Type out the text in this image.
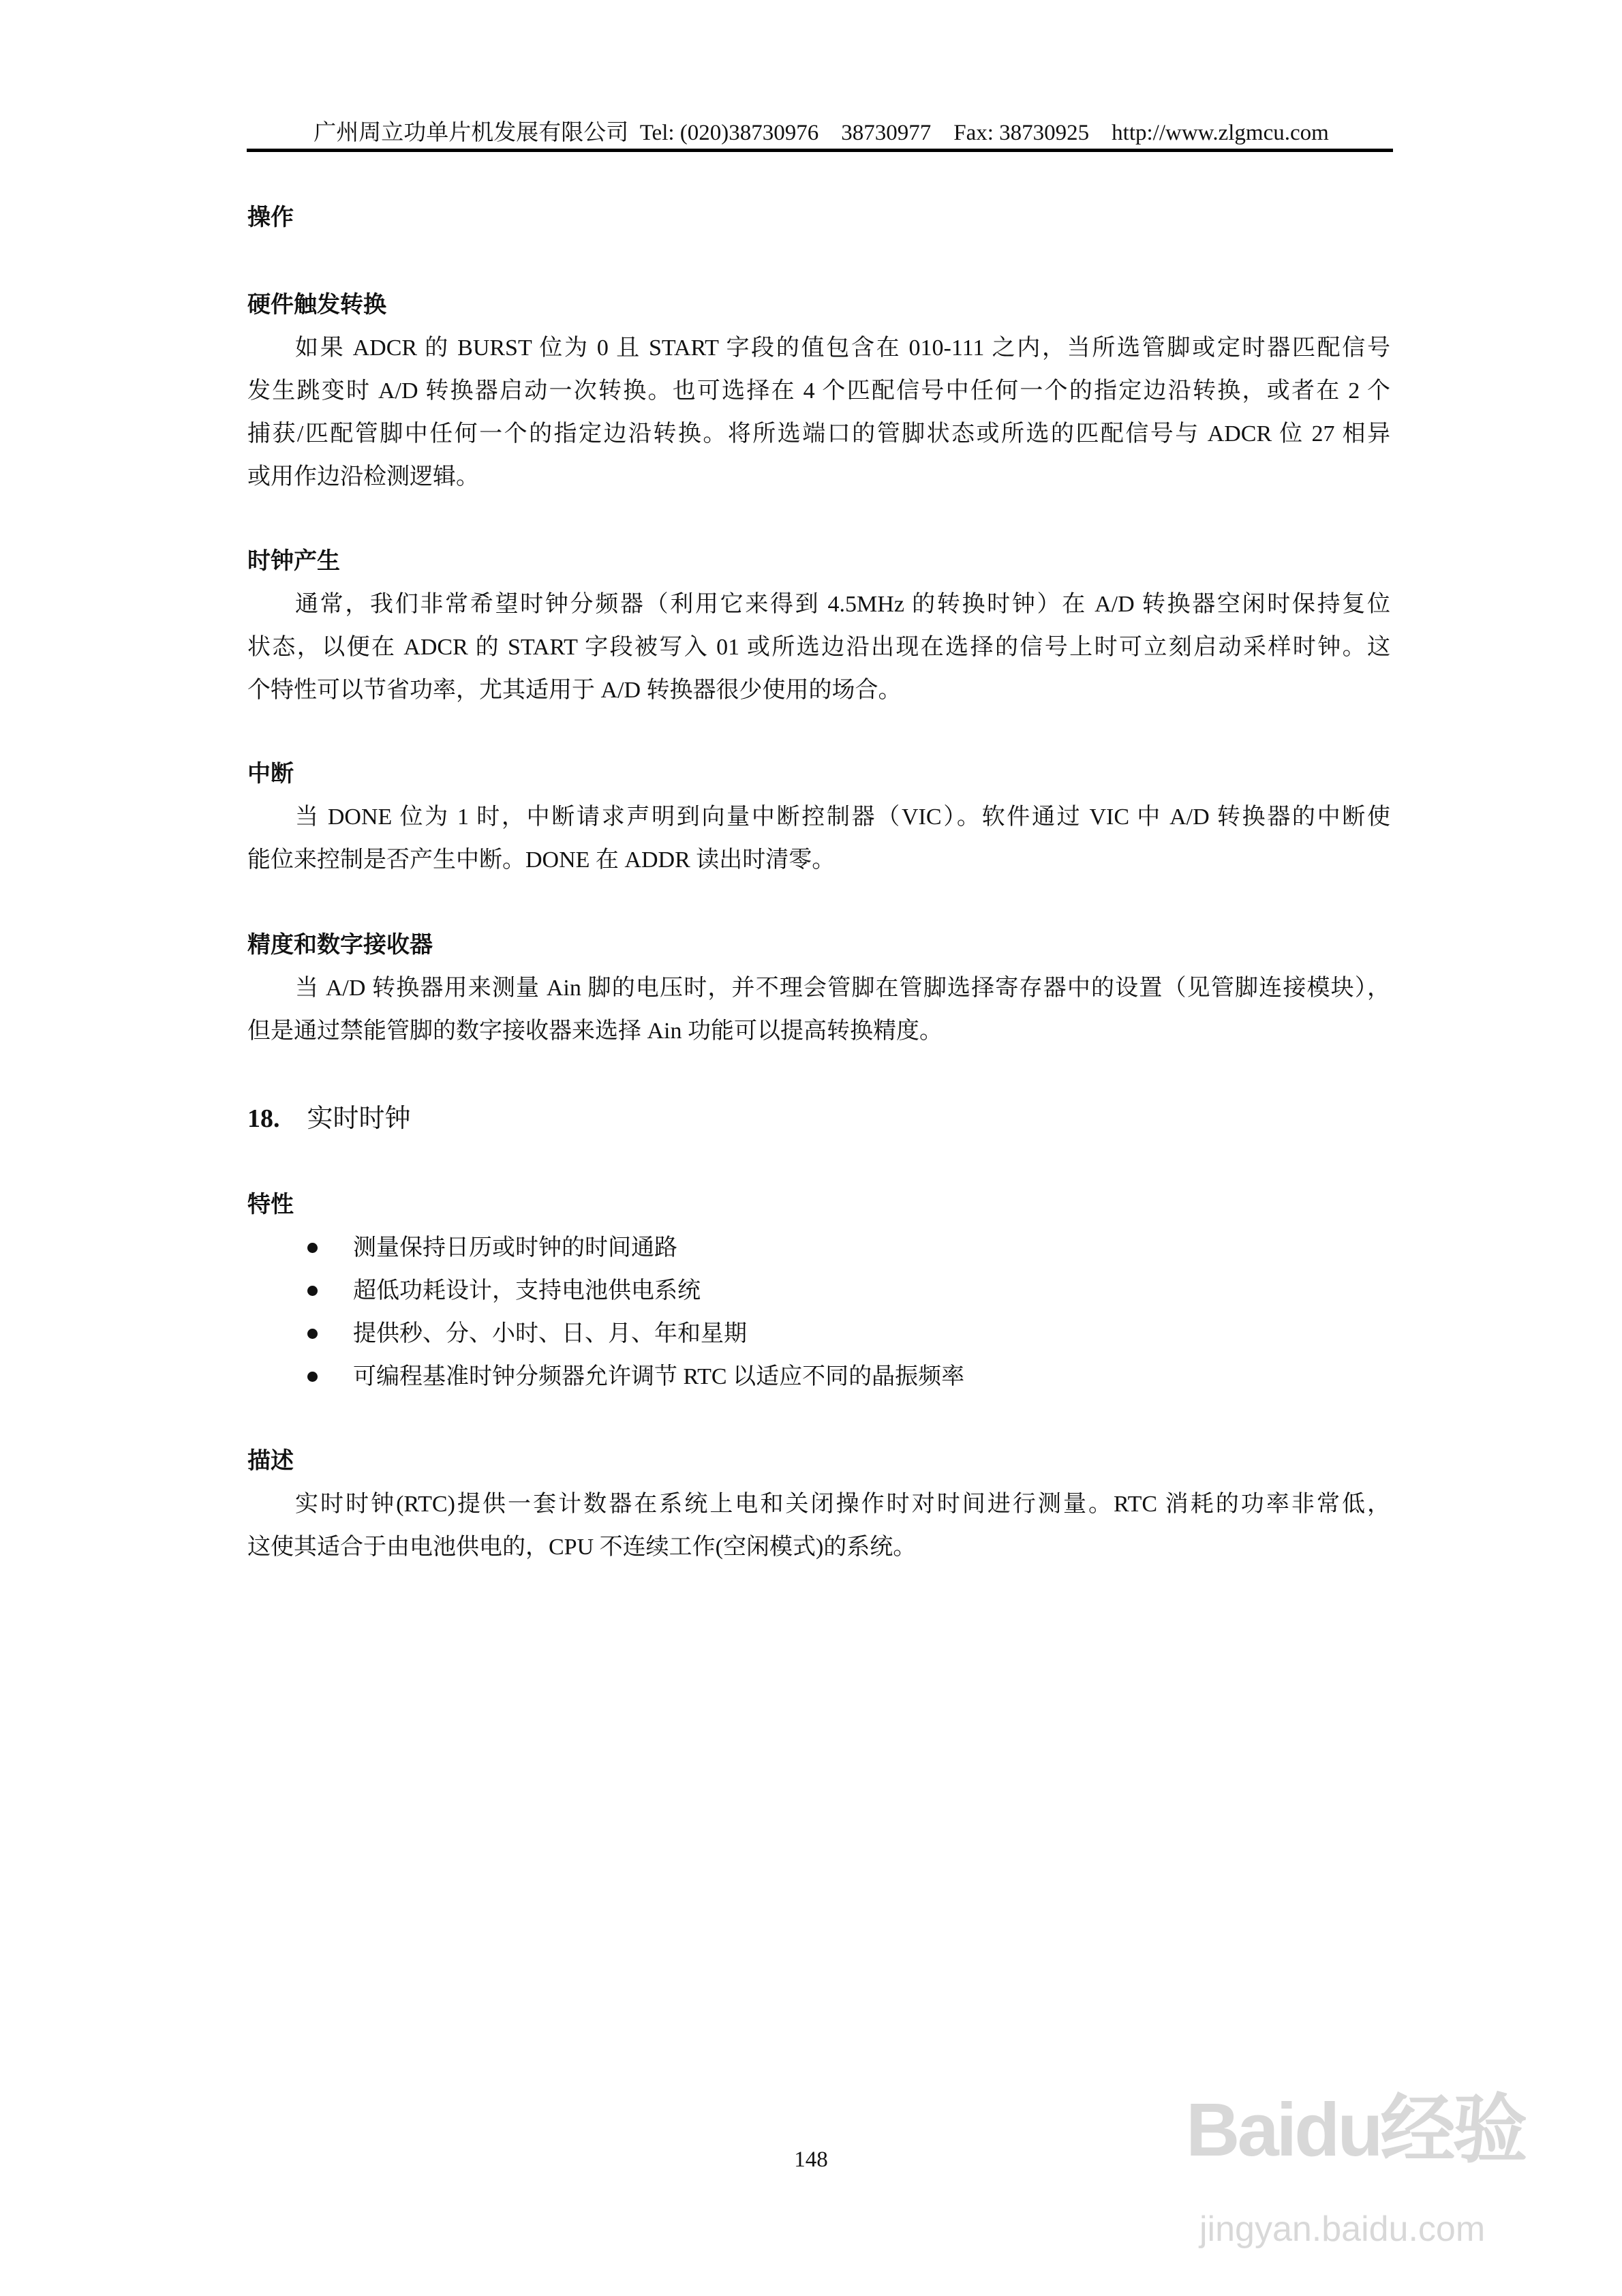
广州周立功单片机发展有限公司  Tel: (020)38730976    38730977    Fax: 38730925    http://www.zlgmcu.com
操作
硬件触发转换
如果 ADCR 的 BURST 位为 0 且 START 字段的值包含在 010-111 之内，当所选管脚或定时器匹配信号
发生跳变时 A/D 转换器启动一次转换。也可选择在 4 个匹配信号中任何一个的指定边沿转换，或者在 2 个
捕获/匹配管脚中任何一个的指定边沿转换。将所选端口的管脚状态或所选的匹配信号与 ADCR 位 27 相异
或用作边沿检测逻辑。
时钟产生
通常，我们非常希望时钟分频器（利用它来得到 4.5MHz 的转换时钟）在 A/D 转换器空闲时保持复位
状态，以便在 ADCR 的 START 字段被写入 01 或所选边沿出现在选择的信号上时可立刻启动采样时钟。这
个特性可以节省功率，尤其适用于 A/D 转换器很少使用的场合。
中断
当 DONE 位为 1 时，中断请求声明到向量中断控制器（VIC）。软件通过 VIC 中 A/D 转换器的中断使
能位来控制是否产生中断。DONE 在 ADDR 读出时清零。
精度和数字接收器
当 A/D 转换器用来测量 Ain 脚的电压时，并不理会管脚在管脚选择寄存器中的设置（见管脚连接模块），
但是通过禁能管脚的数字接收器来选择 Ain 功能可以提高转换精度。
18. 实时时钟
特性
测量保持日历或时钟的时间通路
超低功耗设计，支持电池供电系统
提供秒、分、小时、日、月、年和星期
可编程基准时钟分频器允许调节 RTC 以适应不同的晶振频率
描述
实时时钟(RTC)提供一套计数器在系统上电和关闭操作时对时间进行测量。RTC 消耗的功率非常低，
这使其适合于由电池供电的，CPU 不连续工作(空闲模式)的系统。
148	Baidu经验
jingyan.baidu.com
